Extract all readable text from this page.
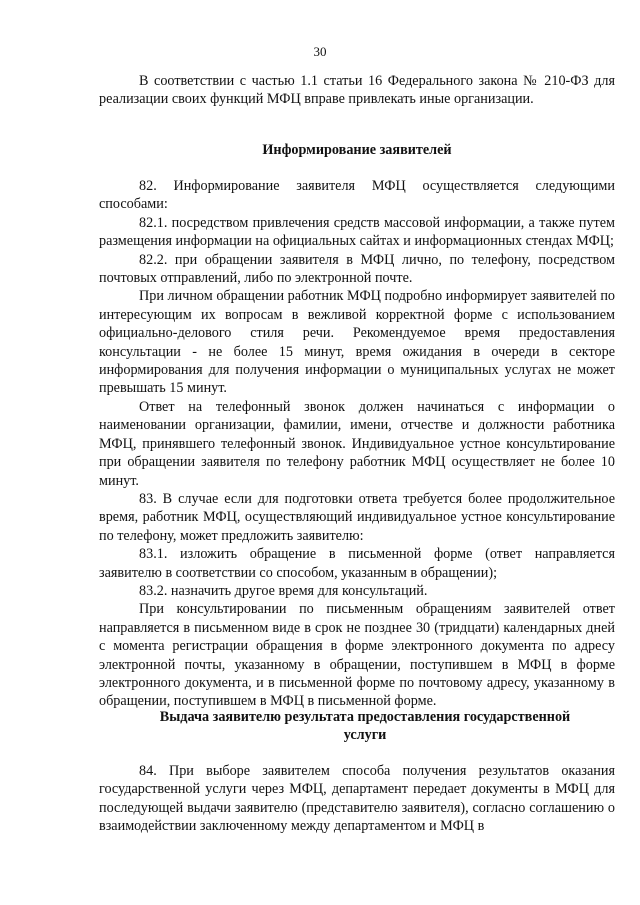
30

В соответствии с частью 1.1 статьи 16 Федерального закона № 210-ФЗ для реализации своих функций МФЦ вправе привлекать иные организации.

Информирование заявителей

82. Информирование заявителя МФЦ осуществляется следующими способами:

82.1. посредством привлечения средств массовой информации, а также путем размещения информации на официальных сайтах и информационных стендах МФЦ;

82.2. при обращении заявителя в МФЦ лично, по телефону, посредством почтовых отправлений, либо по электронной почте.

При личном обращении работник МФЦ подробно информирует заявителей по интересующим их вопросам в вежливой корректной форме с использованием официально-делового стиля речи. Рекомендуемое время предоставления консультации - не более 15 минут, время ожидания в очереди в секторе информирования для получения информации о муниципальных услугах не может превышать 15 минут.

Ответ на телефонный звонок должен начинаться с информации о наименовании организации, фамилии, имени, отчестве и должности работника МФЦ, принявшего телефонный звонок. Индивидуальное устное консультирование при обращении заявителя по телефону работник МФЦ осуществляет не более 10 минут.

83. В случае если для подготовки ответа требуется более продолжительное время, работник МФЦ, осуществляющий индивидуальное устное консультирование по телефону, может предложить заявителю:

83.1. изложить обращение в письменной форме (ответ направляется заявителю в соответствии со способом, указанным в обращении);

83.2. назначить другое время для консультаций.

При консультировании по письменным обращениям заявителей ответ направляется в письменном виде в срок не позднее 30 (тридцати) календарных дней с момента регистрации обращения в форме электронного документа по адресу электронной почты, указанному в обращении, поступившем в МФЦ в форме электронного документа, и в письменной форме по почтовому адресу, указанному в обращении, поступившем в МФЦ в письменной форме.

Выдача заявителю результата предоставления государственной услуги

84. При выборе заявителем способа получения результатов оказания государственной услуги через МФЦ, департамент передает документы в МФЦ для последующей выдачи заявителю (представителю заявителя), согласно соглашению о взаимодействии заключенному между департаментом и МФЦ в
